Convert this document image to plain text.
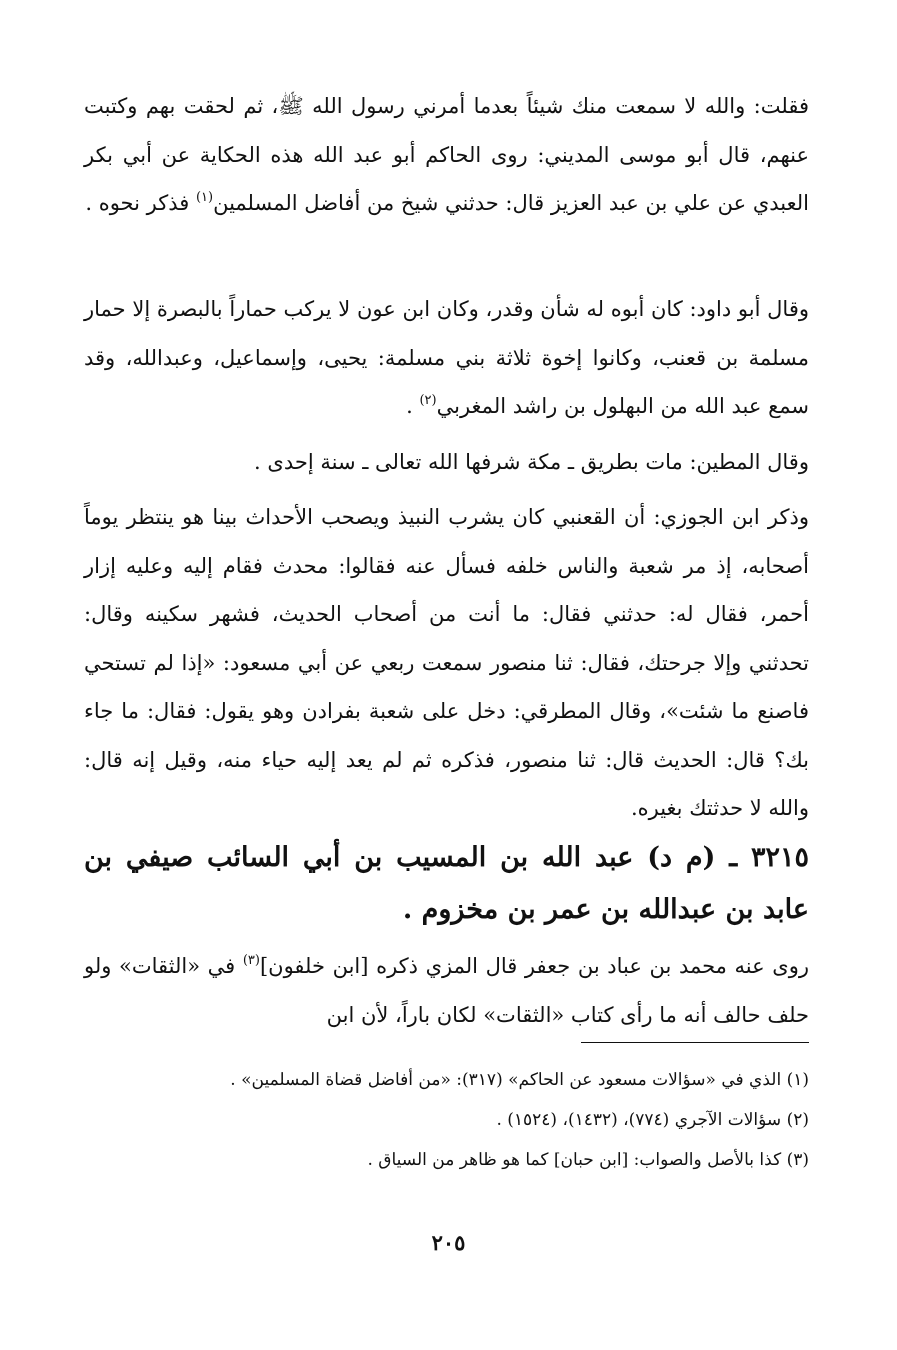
فقلت: والله لا سمعت منك شيئاً بعدما أمرني رسول الله ﷺ، ثم لحقت بهم وكتبت عنهم، قال أبو موسى المديني: روى الحاكم أبو عبد الله هذه الحكاية عن أبي بكر العبدي عن علي بن عبد العزيز قال: حدثني شيخ من أفاضل المسلمين$^{(١)}$ فذكر نحوه .

وقال أبو داود: كان أبوه له شأن وقدر، وكان ابن عون لا يركب حماراً بالبصرة إلا حمار مسلمة بن قعنب، وكانوا إخوة ثلاثة بني مسلمة: يحيى، وإسماعيل، وعبدالله، وقد سمع عبد الله من البهلول بن راشد المغربي$^{(٢)}$ .

وقال المطين: مات بطريق ـ مكة شرفها الله تعالى ـ سنة إحدى .

وذكر ابن الجوزي: أن القعنبي كان يشرب النبيذ ويصحب الأحداث بينا هو ينتظر يوماً أصحابه، إذ مر شعبة والناس خلفه فسأل عنه فقالوا: محدث فقام إليه وعليه إزار أحمر، فقال له: حدثني فقال: ما أنت من أصحاب الحديث، فشهر سكينه وقال: تحدثني وإلا جرحتك، فقال: ثنا منصور سمعت ربعي عن أبي مسعود: «إذا لم تستحي فاصنع ما شئت»، وقال المطرقي: دخل على شعبة بفرادن وهو يقول: فقال: ما جاء بك؟ قال: الحديث قال: ثنا منصور، فذكره ثم لم يعد إليه حياء منه، وقيل إنه قال: والله لا حدثتك بغيره.

٣٢١٥ ـ (م د) عبد الله بن المسيب بن أبي السائب صيفي بن عابد بن عبدالله بن عمر بن مخزوم .

روى عنه محمد بن عباد بن جعفر قال المزي ذكره [ابن خلفون]$^{(٣)}$ في «الثقات» ولو حلف حالف أنه ما رأى كتاب «الثقات» لكان باراً، لأن ابن

(١) الذي في «سؤالات مسعود عن الحاكم» (٣١٧): «من أفاضل قضاة المسلمين» .

(٢) سؤالات الآجري (٧٧٤)، (١٤٣٢)، (١٥٢٤) .

(٣) كذا بالأصل والصواب: [ابن حبان] كما هو ظاهر من السياق .

٢٠٥
